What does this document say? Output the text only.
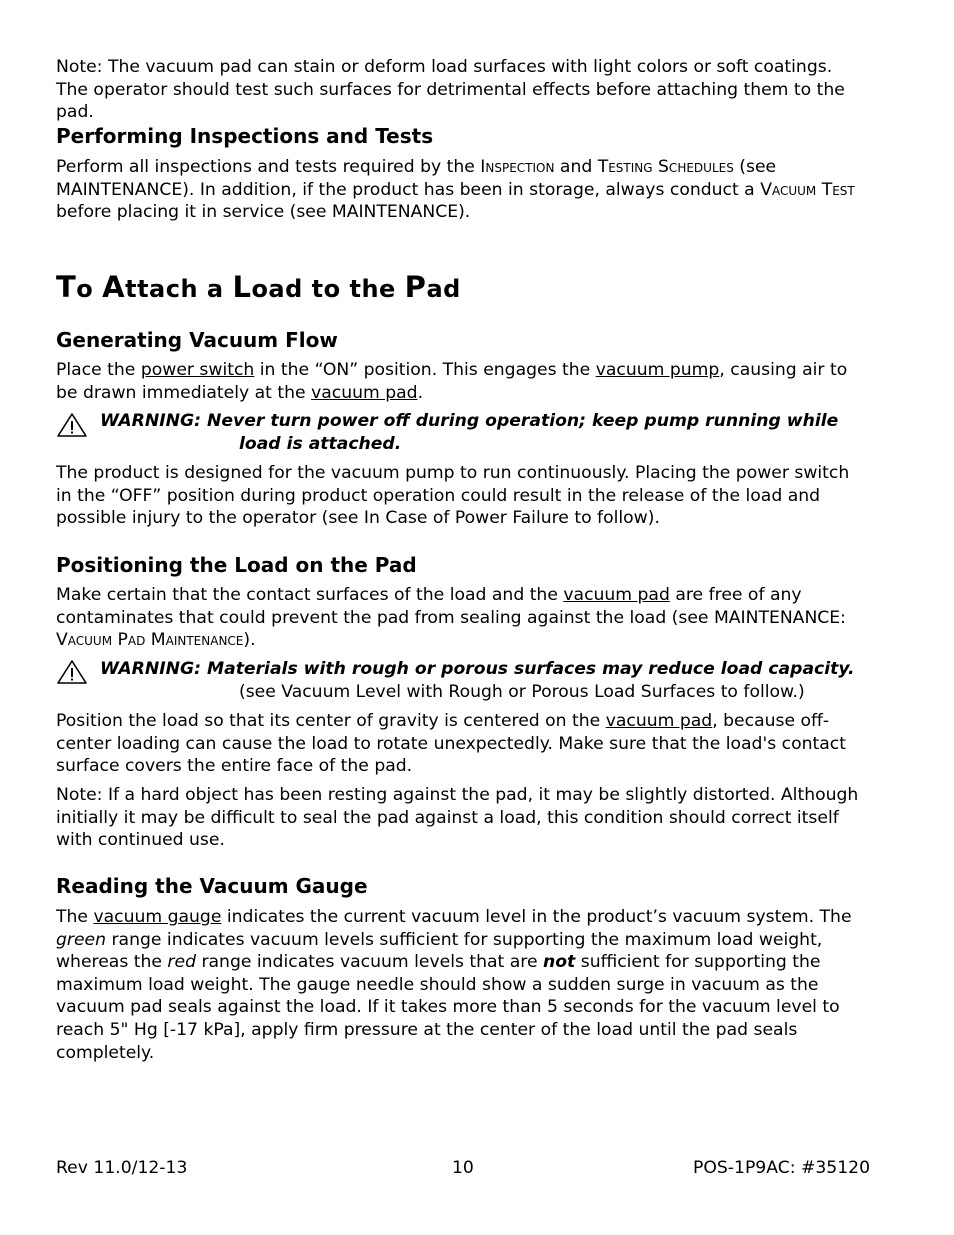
Note: The vacuum pad can stain or deform load surfaces with light colors or soft coatings. The operator should test such surfaces for detrimental effects before attaching them to the pad.

Performing Inspections and Tests

Perform all inspections and tests required by the Inspection and Testing Schedules (see MAINTENANCE). In addition, if the product has been in storage, always conduct a Vacuum Test before placing it in service (see MAINTENANCE).

To Attach a Load to the Pad
Generating Vacuum Flow

Place the power switch in the “ON” position. This engages the vacuum pump, causing air to be drawn immediately at the vacuum pad.

WARNING: Never turn power off during operation; keep pump running while
load is attached.

The product is designed for the vacuum pump to run continuously. Placing the power switch in the “OFF” position during product operation could result in the release of the load and possible injury to the operator (see In Case of Power Failure to follow).

Positioning the Load on the Pad

Make certain that the contact surfaces of the load and the vacuum pad are free of any contaminates that could prevent the pad from sealing against the load (see MAINTENANCE: Vacuum Pad Maintenance).

WARNING: Materials with rough or porous surfaces may reduce load capacity.

(see Vacuum Level with Rough or Porous Load Surfaces to follow.)

Position the load so that its center of gravity is centered on the vacuum pad, because off-center loading can cause the load to rotate unexpectedly. Make sure that the load's contact surface covers the entire face of the pad.

Note: If a hard object has been resting against the pad, it may be slightly distorted. Although initially it may be difficult to seal the pad against a load, this condition should correct itself with continued use.

Reading the Vacuum Gauge

The vacuum gauge indicates the current vacuum level in the product’s vacuum system. The green range indicates vacuum levels sufficient for supporting the maximum load weight, whereas the red range indicates vacuum levels that are not sufficient for supporting the maximum load weight. The gauge needle should show a sudden surge in vacuum as the vacuum pad seals against the load. If it takes more than 5 seconds for the vacuum level to reach 5" Hg [-17 kPa], apply firm pressure at the center of the load until the pad seals completely.

Rev 11.0/12-13	10	POS-1P9AC: #35120
